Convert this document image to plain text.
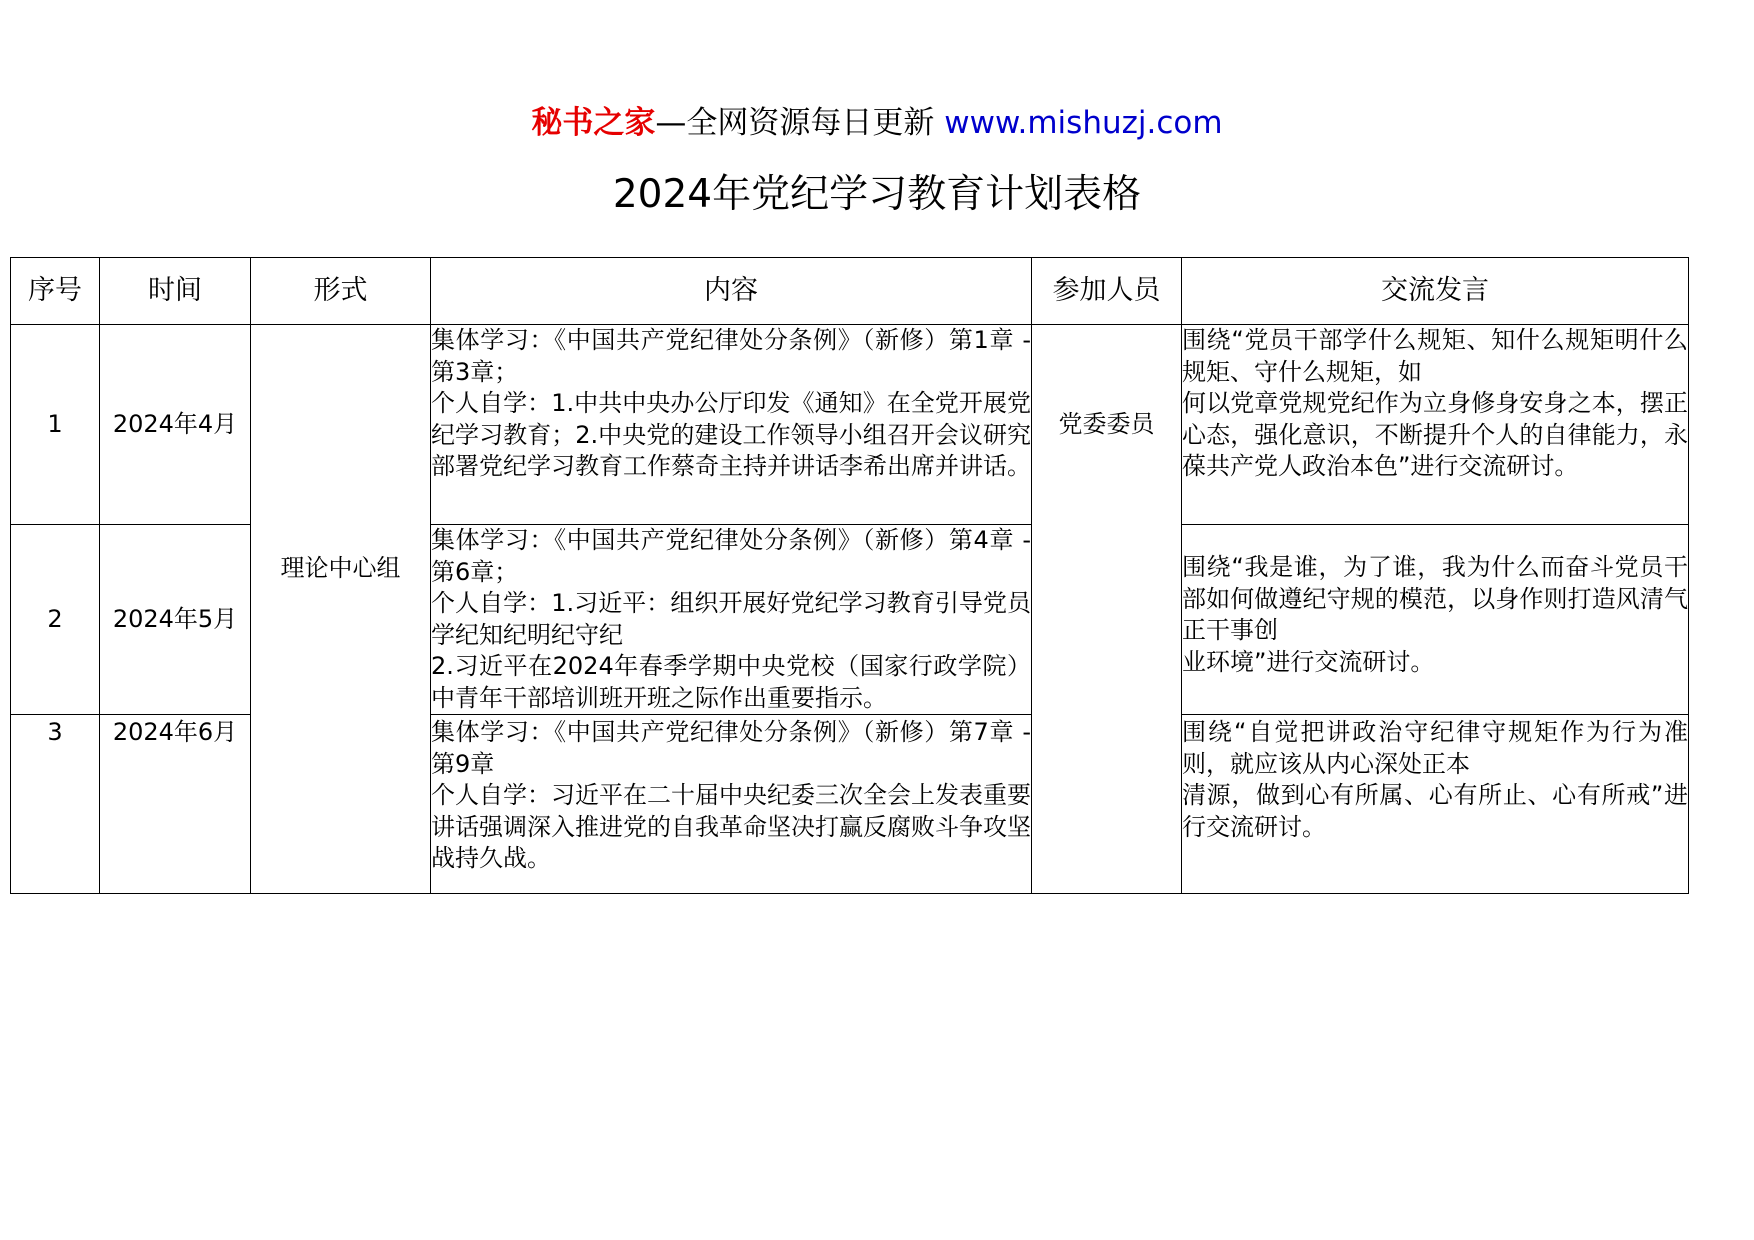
秘书之家—全网资源每日更新 www.mishuzj.com
2024年党纪学习教育计划表格
序号	时间	形式	内容	参加人员	交流发言
1	2024年4月	理论中心组	集体学习：《中国共产党纪律处分条例》（新修）第1章 - 第3章；
个人自学：1.中共中央办公厅印发《通知》在全党开展党纪学习教育；2.中央党的建设工作领导小组召开会议研究部署党纪学习教育工作蔡奇主持并讲话李希出席并讲话。	党委委员	围绕“党员干部学什么规矩、知什么规矩明什么规矩、守什么规矩，如
何以党章党规党纪作为立身修身安身之本，摆正心态，强化意识，不断提升个人的自律能力，永葆共产党人政治本色”进行交流研讨。

2	2024年5月		集体学习：《中国共产党纪律处分条例》（新修）第4章 - 第6章；
个人自学：1.习近平：组织开展好党纪学习教育引导党员学纪知纪明纪守纪
2.习近平在2024年春季学期中央党校（国家行政学院）中青年干部培训班开班之际作出重要指示。		围绕“我是谁，为了谁，我为什么而奋斗党员干部如何做遵纪守规的模范，以身作则打造风清气正干事创
业环境”进行交流研讨。

3	2024年6月		集体学习：《中国共产党纪律处分条例》（新修）第7章 - 第9章
个人自学：习近平在二十届中央纪委三次全会上发表重要讲话强调深入推进党的自我革命坚决打赢反腐败斗争攻坚战持久战。		围绕“自觉把讲政治守纪律守规矩作为行为准则，就应该从内心深处正本
清源，做到心有所属、心有所止、心有所戒”进行交流研讨。
